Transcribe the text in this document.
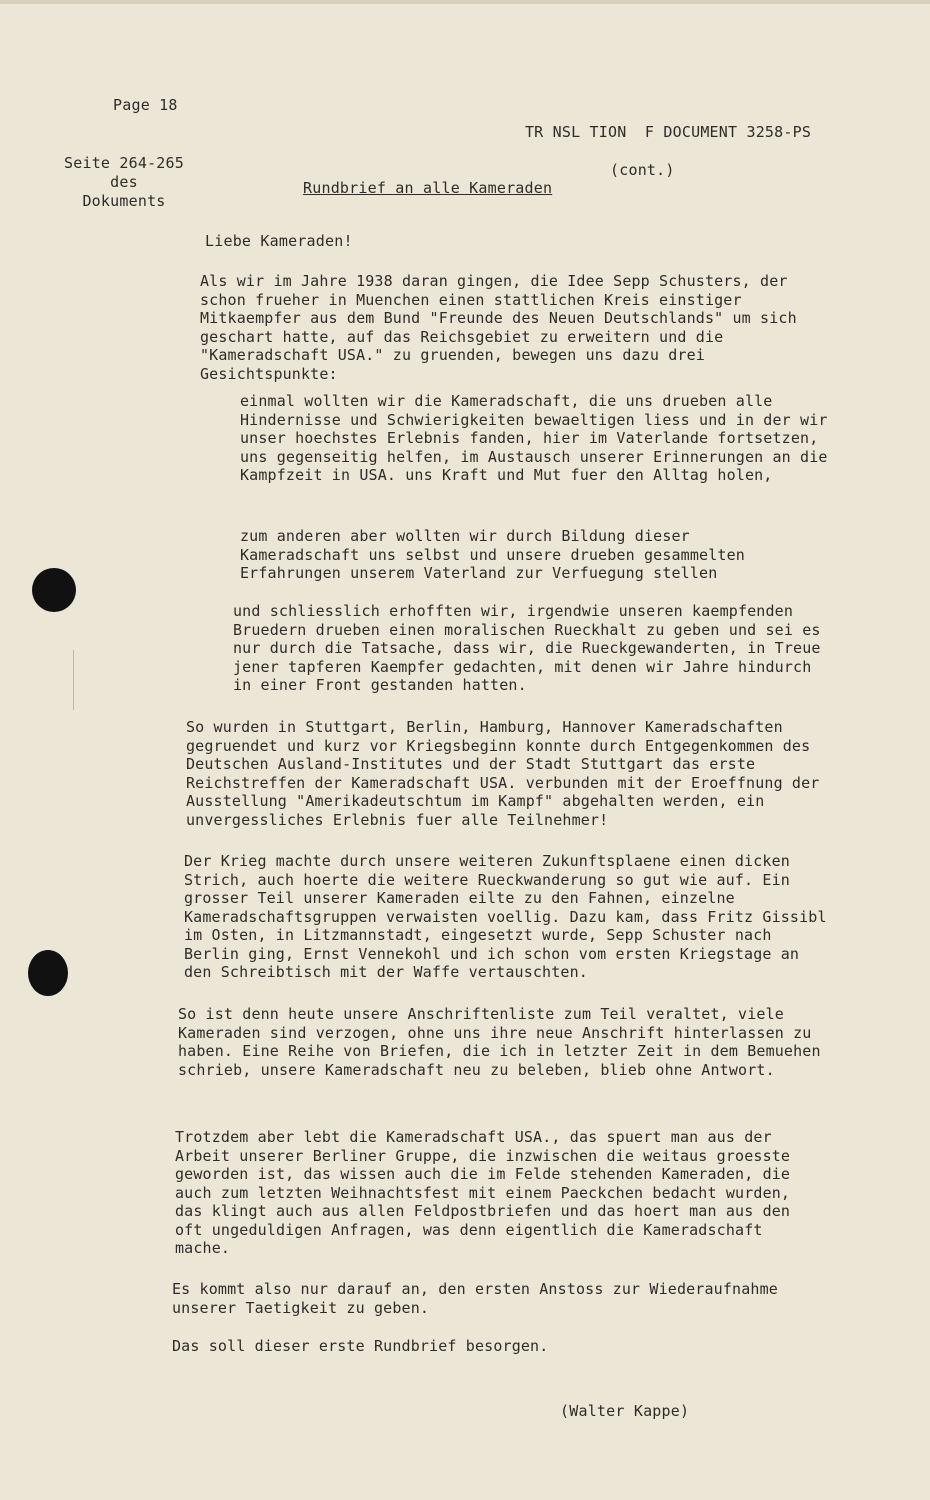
Page 18

TR NSL TION  F DOCUMENT 3258-PS

(cont.)

Seite 264-265
des
Dokuments
Rundbrief an alle Kameraden
Liebe Kameraden!
Als wir im Jahre 1938 daran gingen, die Idee Sepp Schusters, der schon frueher in Muenchen einen stattlichen Kreis einstiger Mitkaempfer aus dem Bund "Freunde des Neuen Deutschlands" um sich geschart hatte, auf das Reichsgebiet zu erweitern und die "Kameradschaft USA." zu gruenden, bewegen uns dazu drei Gesichtspunkte:
einmal wollten wir die Kameradschaft, die uns drueben alle Hindernisse und Schwierigkeiten bewaeltigen liess und in der wir unser hoechstes Erlebnis fanden, hier im Vaterlande fortsetzen, uns gegenseitig helfen, im Austausch unserer Erinnerungen an die Kampfzeit in USA. uns Kraft und Mut fuer den Alltag holen,
zum anderen aber wollten wir durch Bildung dieser Kameradschaft uns selbst und unsere drueben gesammelten Erfahrungen unserem Vaterland zur Verfuegung stellen
und schliesslich erhofften wir, irgendwie unseren kaempfenden Bruedern drueben einen moralischen Rueckhalt zu geben und sei es nur durch die Tatsache, dass wir, die Rueckgewanderten, in Treue jener tapferen Kaempfer gedachten, mit denen wir Jahre hindurch in einer Front gestanden hatten.
So wurden in Stuttgart, Berlin, Hamburg, Hannover Kameradschaften gegruendet und kurz vor Kriegsbeginn konnte durch Entgegenkommen des Deutschen Ausland-Institutes und der Stadt Stuttgart das erste Reichstreffen der Kameradschaft USA. verbunden mit der Eroeffnung der Ausstellung "Amerikadeutschtum im Kampf" abgehalten werden, ein unvergessliches Erlebnis fuer alle Teilnehmer!
Der Krieg machte durch unsere weiteren Zukunftsplaene einen dicken Strich, auch hoerte die weitere Rueckwanderung so gut wie auf. Ein grosser Teil unserer Kameraden eilte zu den Fahnen, einzelne Kameradschaftsgruppen verwaisten voellig. Dazu kam, dass Fritz Gissibl im Osten, in Litzmannstadt, eingesetzt wurde, Sepp Schuster nach Berlin ging, Ernst Vennekohl und ich schon vom ersten Kriegstage an den Schreibtisch mit der Waffe vertauschten.
So ist denn heute unsere Anschriftenliste zum Teil veraltet, viele Kameraden sind verzogen, ohne uns ihre neue Anschrift hinterlassen zu haben. Eine Reihe von Briefen, die ich in letzter Zeit in dem Bemuehen schrieb, unsere Kameradschaft neu zu beleben, blieb ohne Antwort.
Trotzdem aber lebt die Kameradschaft USA., das spuert man aus der Arbeit unserer Berliner Gruppe, die inzwischen die weitaus groesste geworden ist, das wissen auch die im Felde stehenden Kameraden, die auch zum letzten Weihnachtsfest mit einem Paeckchen bedacht wurden, das klingt auch aus allen Feldpostbriefen und das hoert man aus den oft ungeduldigen Anfragen, was denn eigentlich die Kameradschaft mache.
Es kommt also nur darauf an, den ersten Anstoss zur Wiederaufnahme unserer Taetigkeit zu geben.
Das soll dieser erste Rundbrief besorgen.
(Walter Kappe)
